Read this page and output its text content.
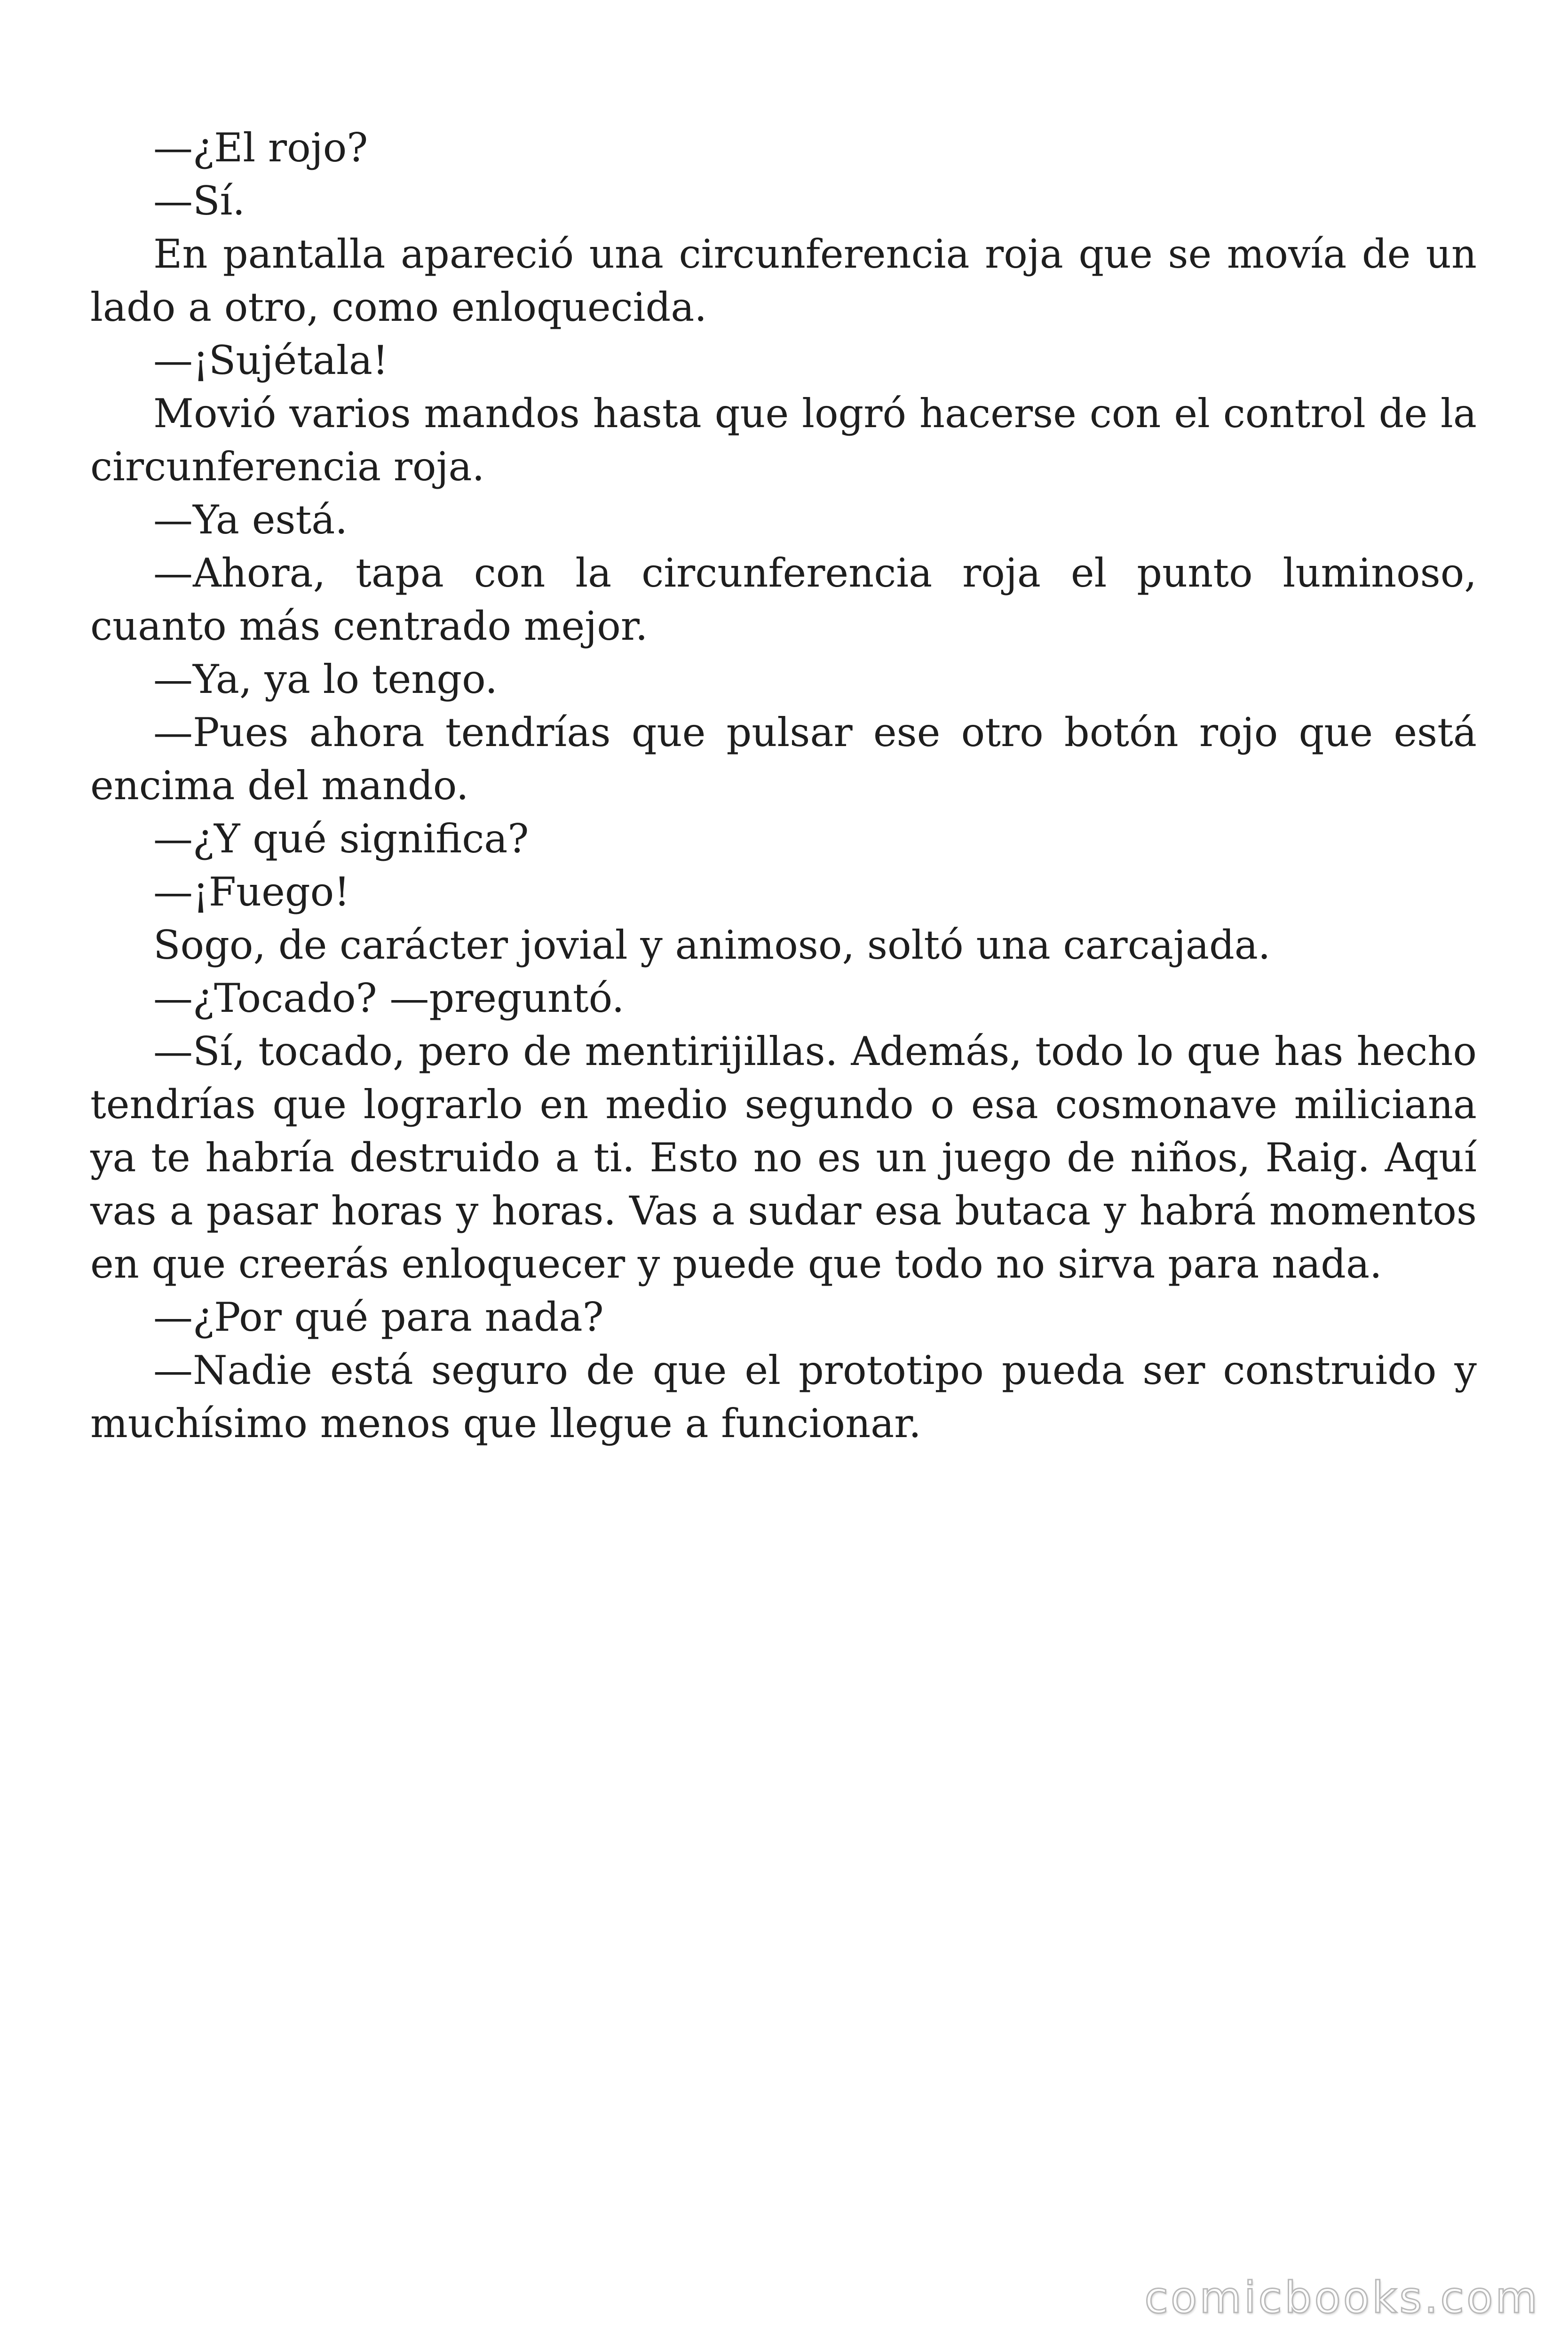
—¿El rojo?

—Sí.

En pantalla apareció una circunferencia roja que se movía de un lado a otro, como enloquecida.

—¡Sujétala!

Movió varios mandos hasta que logró hacerse con el control de la circunferencia roja.

—Ya está.

—Ahora, tapa con la circunferencia roja el punto luminoso, cuanto más centrado mejor.

—Ya, ya lo tengo.

—Pues ahora tendrías que pulsar ese otro botón rojo que está encima del mando.

—¿Y qué significa?

—¡Fuego!

Sogo, de carácter jovial y animoso, soltó una carcajada.

—¿Tocado? —preguntó.

—Sí, tocado, pero de mentirijillas. Además, todo lo que has hecho tendrías que lograrlo en medio segundo o esa cosmonave miliciana ya te habría destruido a ti. Esto no es un juego de niños, Raig. Aquí vas a pasar horas y horas. Vas a sudar esa butaca y habrá momentos en que creerás enloquecer y puede que todo no sirva para nada.

—¿Por qué para nada?

—Nadie está seguro de que el prototipo pueda ser construido y muchísimo menos que llegue a funcionar.

comicbooks.com
